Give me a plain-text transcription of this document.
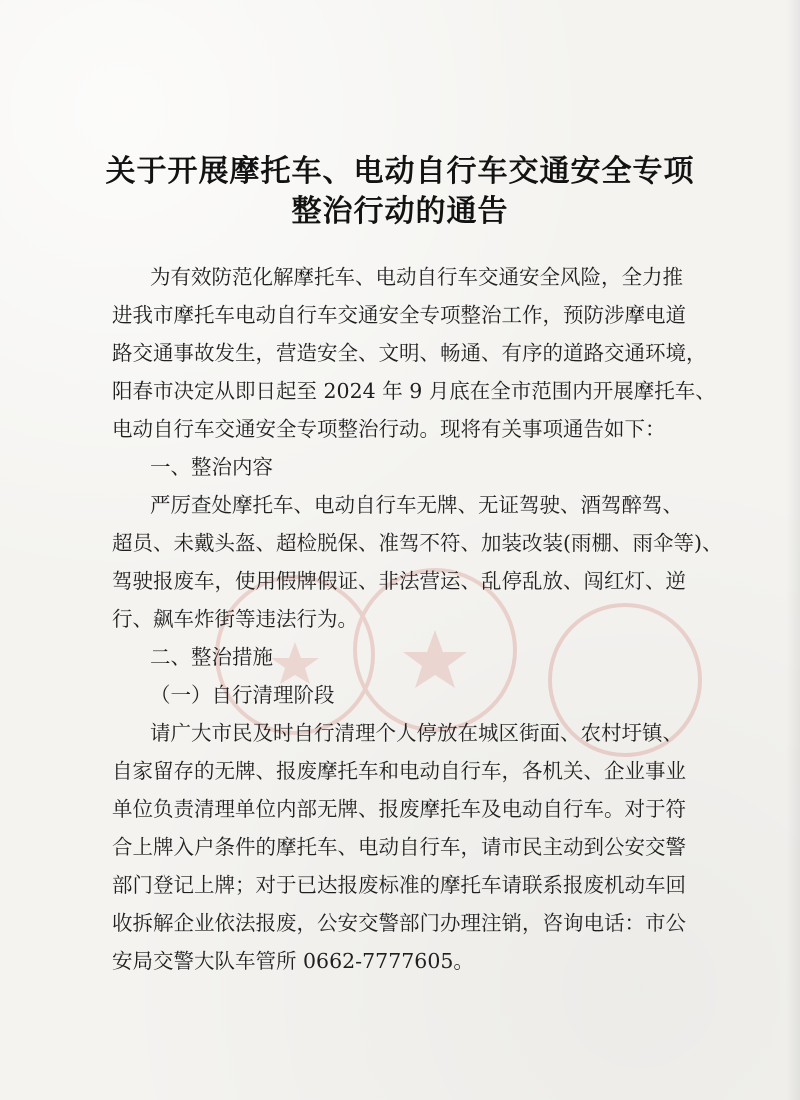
关于开展摩托车、电动自行车交通安全专项
整治行动的通告
为有效防范化解摩托车、电动自行车交通安全风险，全力推
进我市摩托车电动自行车交通安全专项整治工作，预防涉摩电道
路交通事故发生，营造安全、文明、畅通、有序的道路交通环境，
阳春市决定从即日起至 2024 年 9 月底在全市范围内开展摩托车、
电动自行车交通安全专项整治行动。现将有关事项通告如下：
一、整治内容
严厉查处摩托车、电动自行车无牌、无证驾驶、酒驾醉驾、
超员、未戴头盔、超检脱保、准驾不符、加装改装(雨棚、雨伞等)、
驾驶报废车，使用假牌假证、非法营运、乱停乱放、闯红灯、逆
行、飙车炸街等违法行为。
二、整治措施
（一）自行清理阶段
请广大市民及时自行清理个人停放在城区街面、农村圩镇、
自家留存的无牌、报废摩托车和电动自行车，各机关、企业事业
单位负责清理单位内部无牌、报废摩托车及电动自行车。对于符
合上牌入户条件的摩托车、电动自行车，请市民主动到公安交警
部门登记上牌；对于已达报废标准的摩托车请联系报废机动车回
收拆解企业依法报废，公安交警部门办理注销，咨询电话：市公
安局交警大队车管所 0662-7777605。
